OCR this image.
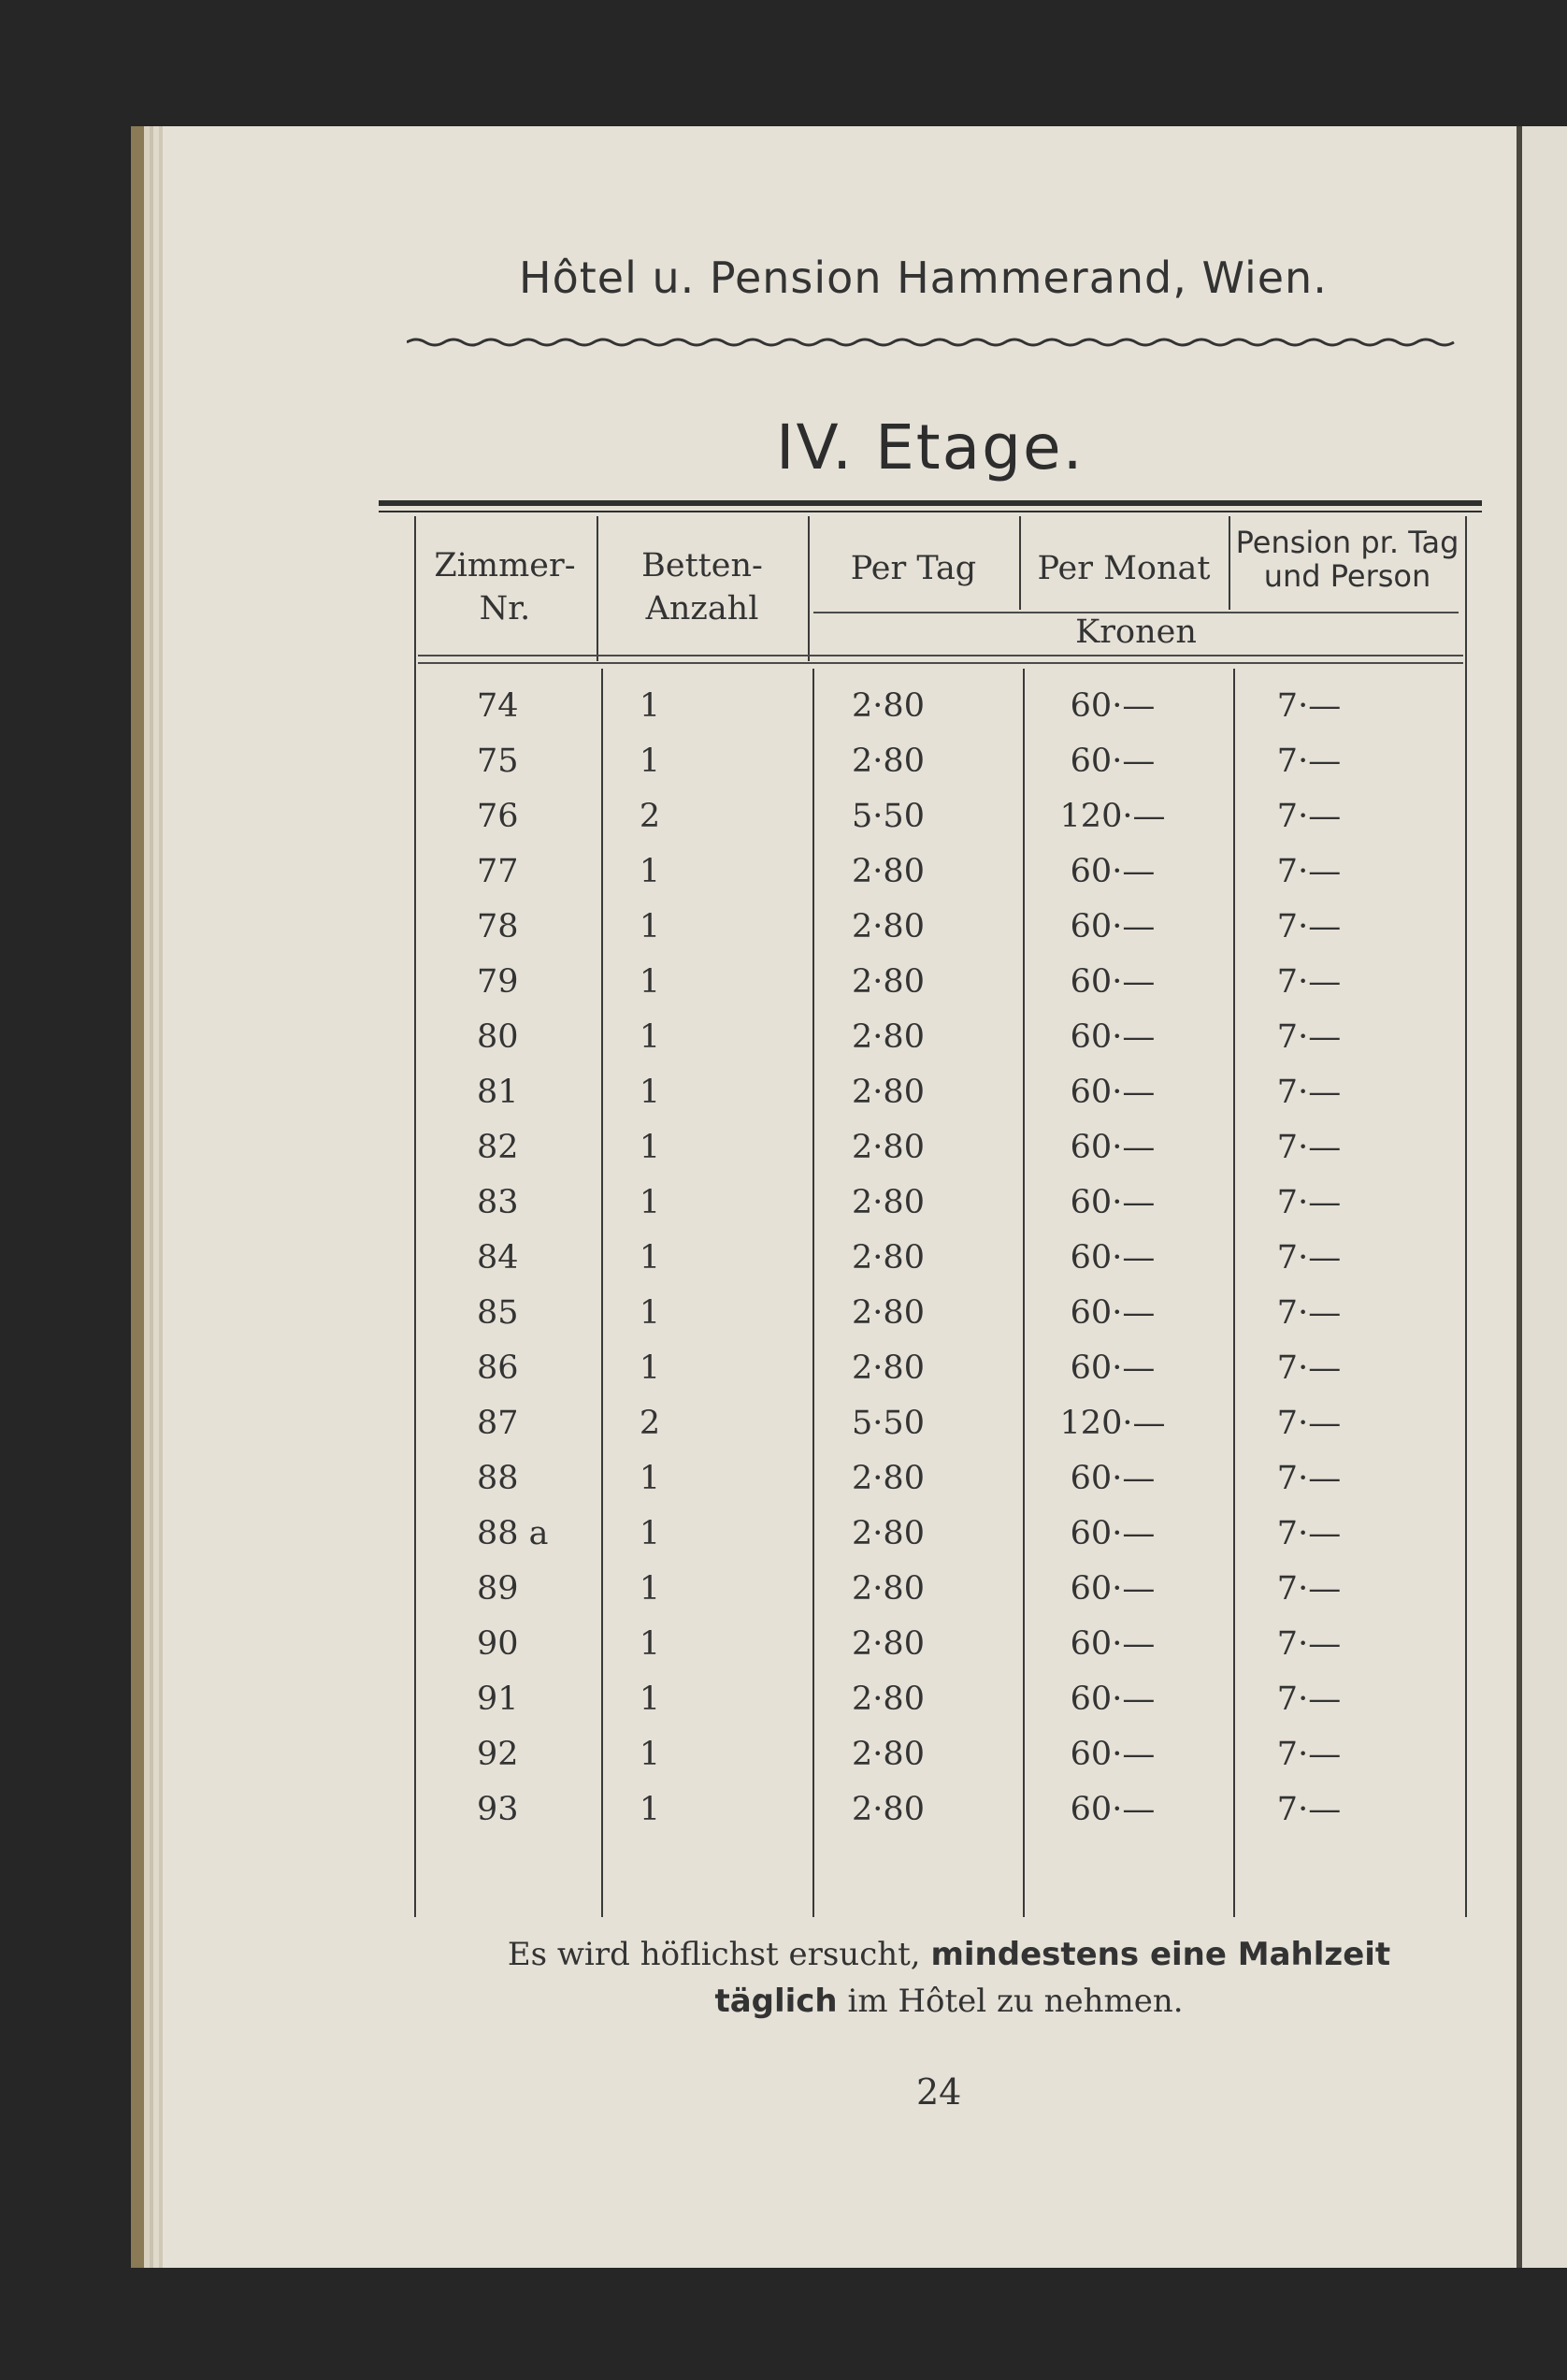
Hôtel u. Pension Hammerand, Wien.
IV. Etage.
Zimmer-
Nr.
Betten-
Anzahl
Per Tag	Per Monat
Pension pr. Tag
und Person
Kronen
74	1	2·80	60·—	7·—
75	1	2·80	60·—	7·—
76	2	5·50	120·—	7·—
77	1	2·80	60·—	7·—
78	1	2·80	60·—	7·—
79	1	2·80	60·—	7·—
80	1	2·80	60·—	7·—
81	1	2·80	60·—	7·—
82	1	2·80	60·—	7·—
83	1	2·80	60·—	7·—
84	1	2·80	60·—	7·—
85	1	2·80	60·—	7·—
86	1	2·80	60·—	7·—
87	2	5·50	120·—	7·—
88	1	2·80	60·—	7·—
88 a	1	2·80	60·—	7·—
89	1	2·80	60·—	7·—
90	1	2·80	60·—	7·—
91	1	2·80	60·—	7·—
92	1	2·80	60·—	7·—
93	1	2·80	60·—	7·—
Es wird höflichst ersucht, mindestens eine Mahlzeit
täglich im Hôtel zu nehmen.
24
